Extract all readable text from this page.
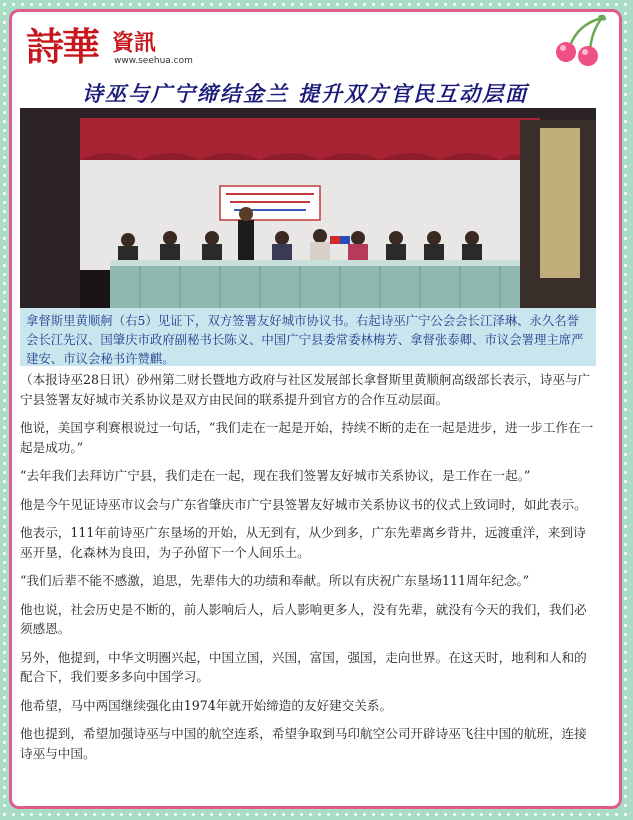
詩華 資訊
www.seehua.com
诗巫与广宁缔结金兰 提升双方官民互动层面
拿督斯里黄顺舸（右5）见证下，双方签署友好城市协议书。右起诗巫广宁公会会长江泽琳、永久名誉会长江先汉、国肇庆市政府副秘书长陈义、中国广宁县委常委林梅芳、拿督张泰卿、市议会署理主席严建安、市议会秘书许赞麒。

（本报诗巫28日讯）砂州第二财长暨地方政府与社区发展部长拿督斯里黄顺舸高级部长表示，诗巫与广宁县签署友好城市关系协议是双方由民间的联系提升到官方的合作互动层面。

他说，美国亨利赛根说过一句话，“我们走在一起是开始，持续不断的走在一起是进步，进一步工作在一起是成功。”

“去年我们去拜访广宁县，我们走在一起，现在我们签署友好城市关系协议，是工作在一起。”

他是今午见证诗巫市议会与广东省肇庆市广宁县签署友好城市关系协议书的仪式上致词时，如此表示。

他表示，111年前诗巫广东垦场的开始，从无到有，从少到多，广东先辈离乡背井，远渡重洋，来到诗巫开垦，化森林为良田，为子孙留下一个人间乐土。

“我们后辈不能不感激，追思，先辈伟大的功绩和奉献。所以有庆祝广东垦场111周年纪念。”

他也说，社会历史是不断的，前人影响后人，后人影响更多人，没有先辈，就没有今天的我们，我们必须感恩。

另外，他提到，中华文明圈兴起，中国立国，兴国，富国，强国，走向世界。在这天时，地利和人和的配合下，我们要多多向中国学习。

他希望，马中两国继续强化由1974年就开始缔造的友好建交关系。

他也提到，希望加强诗巫与中国的航空连系，希望争取到马印航空公司开辟诗巫飞往中国的航班，连接诗巫与中国。
